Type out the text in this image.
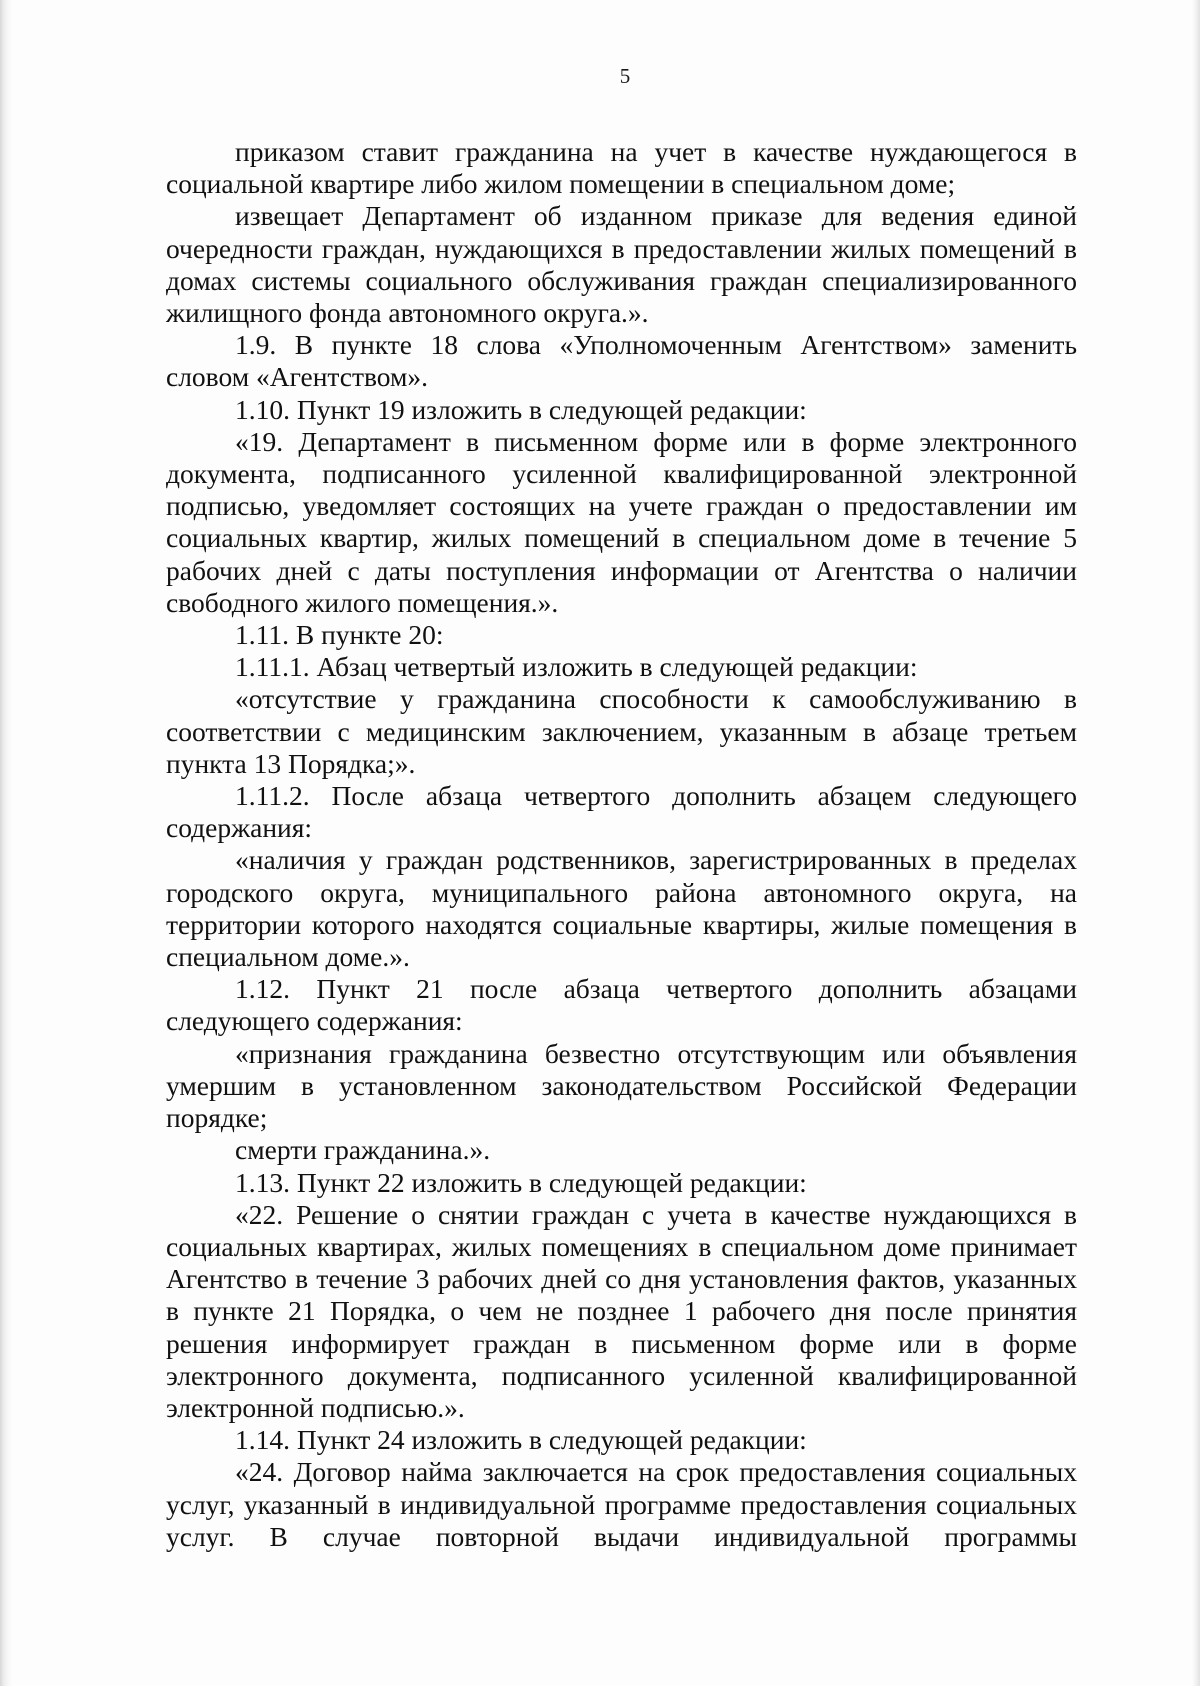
5

приказом ставит гражданина на учет в качестве нуждающегося в социальной квартире либо жилом помещении в специальном доме;

извещает Департамент об изданном приказе для ведения единой очередности граждан, нуждающихся в предоставлении жилых помещений в домах системы социального обслуживания граждан специализированного жилищного фонда автономного округа.».

1.9. В пункте 18 слова «Уполномоченным Агентством» заменить словом «Агентством».

1.10. Пункт 19 изложить в следующей редакции:

«19. Департамент в письменном форме или в форме электронного документа, подписанного усиленной квалифицированной электронной подписью, уведомляет состоящих на учете граждан о предоставлении им социальных квартир, жилых помещений в специальном доме в течение 5 рабочих дней с даты поступления информации от Агентства о наличии свободного жилого помещения.».

1.11. В пункте 20:

1.11.1. Абзац четвертый изложить в следующей редакции:

«отсутствие у гражданина способности к самообслуживанию в соответствии с медицинским заключением, указанным в абзаце третьем пункта 13 Порядка;».

1.11.2. После абзаца четвертого дополнить абзацем следующего содержания:

«наличия у граждан родственников, зарегистрированных в пределах городского округа, муниципального района автономного округа, на территории которого находятся социальные квартиры, жилые помещения в специальном доме.».

1.12. Пункт 21 после абзаца четвертого дополнить абзацами следующего содержания:

«признания гражданина безвестно отсутствующим или объявления умершим в установленном законодательством Российской Федерации порядке;

смерти гражданина.».

1.13. Пункт 22 изложить в следующей редакции:

«22. Решение о снятии граждан с учета в качестве нуждающихся в социальных квартирах, жилых помещениях в специальном доме принимает Агентство в течение 3 рабочих дней со дня установления фактов, указанных в пункте 21 Порядка, о чем не позднее 1 рабочего дня после принятия решения информирует граждан в письменном форме или в форме электронного документа, подписанного усиленной квалифицированной электронной подписью.».

1.14. Пункт 24 изложить в следующей редакции:

«24. Договор найма заключается на срок предоставления социальных услуг, указанный в индивидуальной программе предоставления социальных услуг. В случае повторной выдачи индивидуальной программы
